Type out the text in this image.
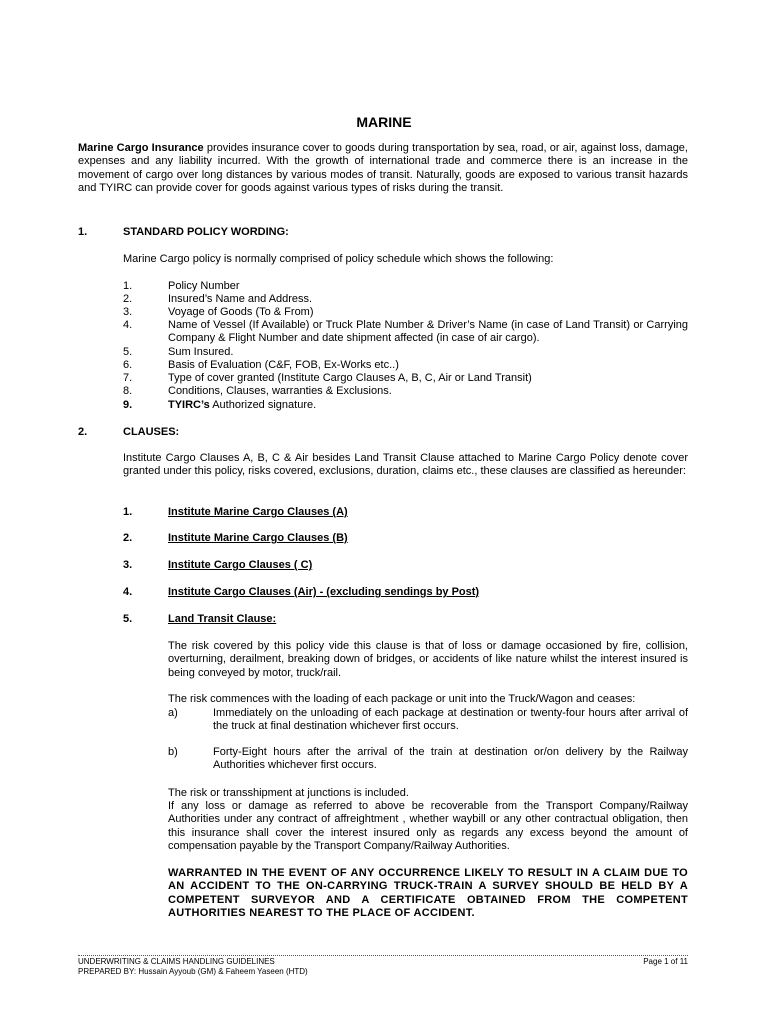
MARINE
Marine Cargo Insurance provides insurance cover to goods during transportation by sea, road, or air, against loss, damage, expenses and any liability incurred. With the growth of international trade and commerce there is an increase in the movement of cargo over long distances by various modes of transit. Naturally, goods are exposed to various transit hazards and TYIRC can provide cover for goods against various types of risks during the transit.
1.	STANDARD POLICY WORDING:
Marine Cargo policy is normally comprised of policy schedule which shows the following:
1.	Policy Number
2.	Insured’s Name and Address.
3.	Voyage of Goods (To & From)
4.	Name of Vessel (If Available) or Truck Plate Number & Driver’s Name (in case of Land Transit) or Carrying Company & Flight Number and date shipment affected (in case of air cargo).
5.	Sum Insured.
6.	Basis of Evaluation (C&F, FOB, Ex-Works etc..)
7.	Type of cover granted (Institute Cargo Clauses A, B, C, Air or Land Transit)
8.	Conditions, Clauses, warranties & Exclusions.
9.	TYIRC’s Authorized signature.
2.	CLAUSES:
Institute Cargo Clauses A, B, C & Air besides Land Transit Clause attached to Marine Cargo Policy denote cover granted under this policy, risks covered, exclusions, duration, claims etc., these clauses are classified as hereunder:
1.	Institute Marine Cargo Clauses (A)
2.	Institute Marine Cargo Clauses (B)
3.	Institute Cargo Clauses ( C)
4.	Institute Cargo Clauses (Air) - (excluding sendings by Post)
5.	Land Transit Clause:
The risk covered by this policy vide this clause is that of loss or damage occasioned by fire, collision, overturning, derailment, breaking down of bridges, or accidents of like nature whilst the interest insured is being conveyed by motor, truck/rail.
The risk commences with the loading of each package or unit into the Truck/Wagon and ceases:
a)	Immediately on the unloading of each package at destination or twenty-four hours after arrival of the truck at final destination whichever first occurs.
b)	Forty-Eight hours after the arrival of the train at destination or/on delivery by the Railway Authorities whichever first occurs.
The risk or transshipment at junctions is included.
If any loss or damage as referred to above be recoverable from the Transport Company/Railway Authorities under any contract of affreightment , whether waybill or any other contractual obligation, then this insurance shall cover the interest insured only as regards any excess beyond the amount of compensation payable by the Transport Company/Railway Authorities.
WARRANTED IN THE EVENT OF ANY OCCURRENCE LIKELY TO RESULT IN A CLAIM DUE TO AN ACCIDENT TO THE ON-CARRYING TRUCK-TRAIN A SURVEY SHOULD BE HELD BY A COMPETENT SURVEYOR AND A CERTIFICATE OBTAINED FROM THE COMPETENT AUTHORITIES NEAREST TO THE PLACE OF ACCIDENT.
UNDERWRITING & CLAIMS HANDLING GUIDELINES
PREPARED BY: Hussain Ayyoub (GM) & Faheem Yaseen (HTD)
Page 1 of 11
